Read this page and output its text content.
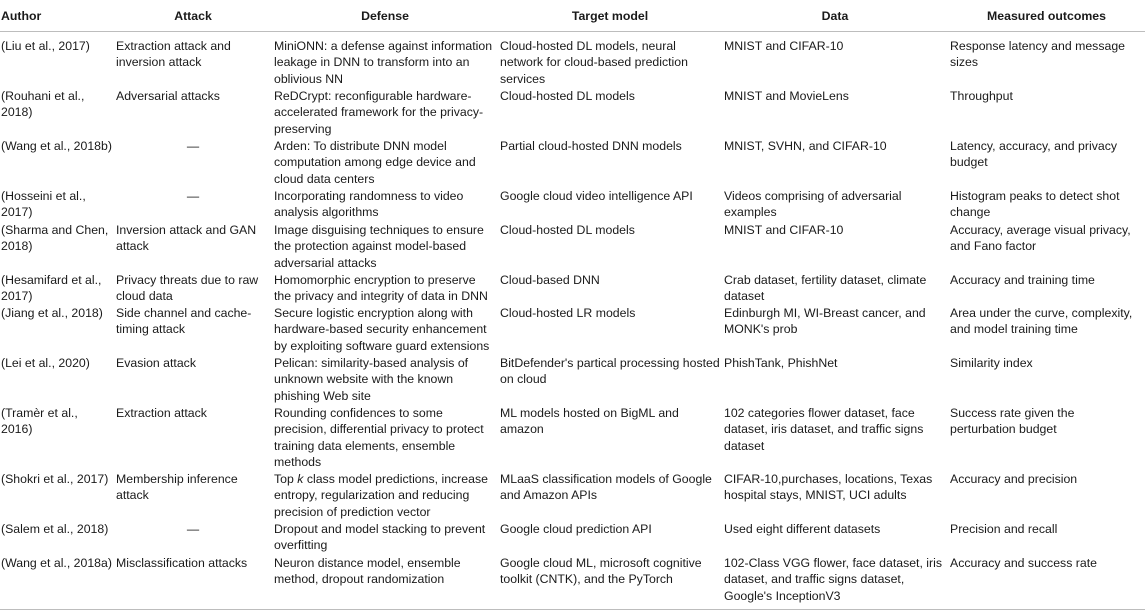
Author	Attack	Defense	Target model	Data	Measured outcomes
(Liu et al., 2017)	Extraction attack and inversion attack	MiniONN: a defense against information leakage in DNN to transform into an oblivious NN	Cloud-hosted DL models, neural network for cloud-based prediction services	MNIST and CIFAR-10	Response latency and message sizes
(Rouhani et al., 2018)	Adversarial attacks	ReDCrypt: reconfigurable hardware-accelerated framework for the privacy-preserving	Cloud-hosted DL models	MNIST and MovieLens	Throughput
(Wang et al., 2018b)	—	Arden: To distribute DNN model computation among edge device and cloud data centers	Partial cloud-hosted DNN models	MNIST, SVHN, and CIFAR-10	Latency, accuracy, and privacy budget
(Hosseini et al., 2017)	—	Incorporating randomness to video analysis algorithms	Google cloud video intelligence API	Videos comprising of adversarial examples	Histogram peaks to detect shot change
(Sharma and Chen, 2018)	Inversion attack and GAN attack	Image disguising techniques to ensure the protection against model-based adversarial attacks	Cloud-hosted DL models	MNIST and CIFAR-10	Accuracy, average visual privacy, and Fano factor
(Hesamifard et al., 2017)	Privacy threats due to raw cloud data	Homomorphic encryption to preserve the privacy and integrity of data in DNN	Cloud-based DNN	Crab dataset, fertility dataset, climate dataset	Accuracy and training time
(Jiang et al., 2018)	Side channel and cache-timing attack	Secure logistic encryption along with hardware-based security enhancement by exploiting software guard extensions	Cloud-hosted LR models	Edinburgh MI, WI-Breast cancer, and MONK's prob	Area under the curve, complexity, and model training time
(Lei et al., 2020)	Evasion attack	Pelican: similarity-based analysis of unknown website with the known phishing Web site	BitDefender's partical processing hosted on cloud	PhishTank, PhishNet	Similarity index
(Tramèr et al., 2016)	Extraction attack	Rounding confidences to some precision, differential privacy to protect training data elements, ensemble methods	ML models hosted on BigML and amazon	102 categories flower dataset, face dataset, iris dataset, and traffic signs dataset	Success rate given the perturbation budget
(Shokri et al., 2017)	Membership inference attack	Top k class model predictions, increase entropy, regularization and reducing precision of prediction vector	MLaaS classification models of Google and Amazon APIs	CIFAR-10,purchases, locations, Texas hospital stays, MNIST, UCI adults	Accuracy and precision
(Salem et al., 2018)	—	Dropout and model stacking to prevent overfitting	Google cloud prediction API	Used eight different datasets	Precision and recall
(Wang et al., 2018a)	Misclassification attacks	Neuron distance model, ensemble method, dropout randomization	Google cloud ML, microsoft cognitive toolkit (CNTK), and the PyTorch	102-Class VGG flower, face dataset, iris dataset, and traffic signs dataset, Google's InceptionV3	Accuracy and success rate
